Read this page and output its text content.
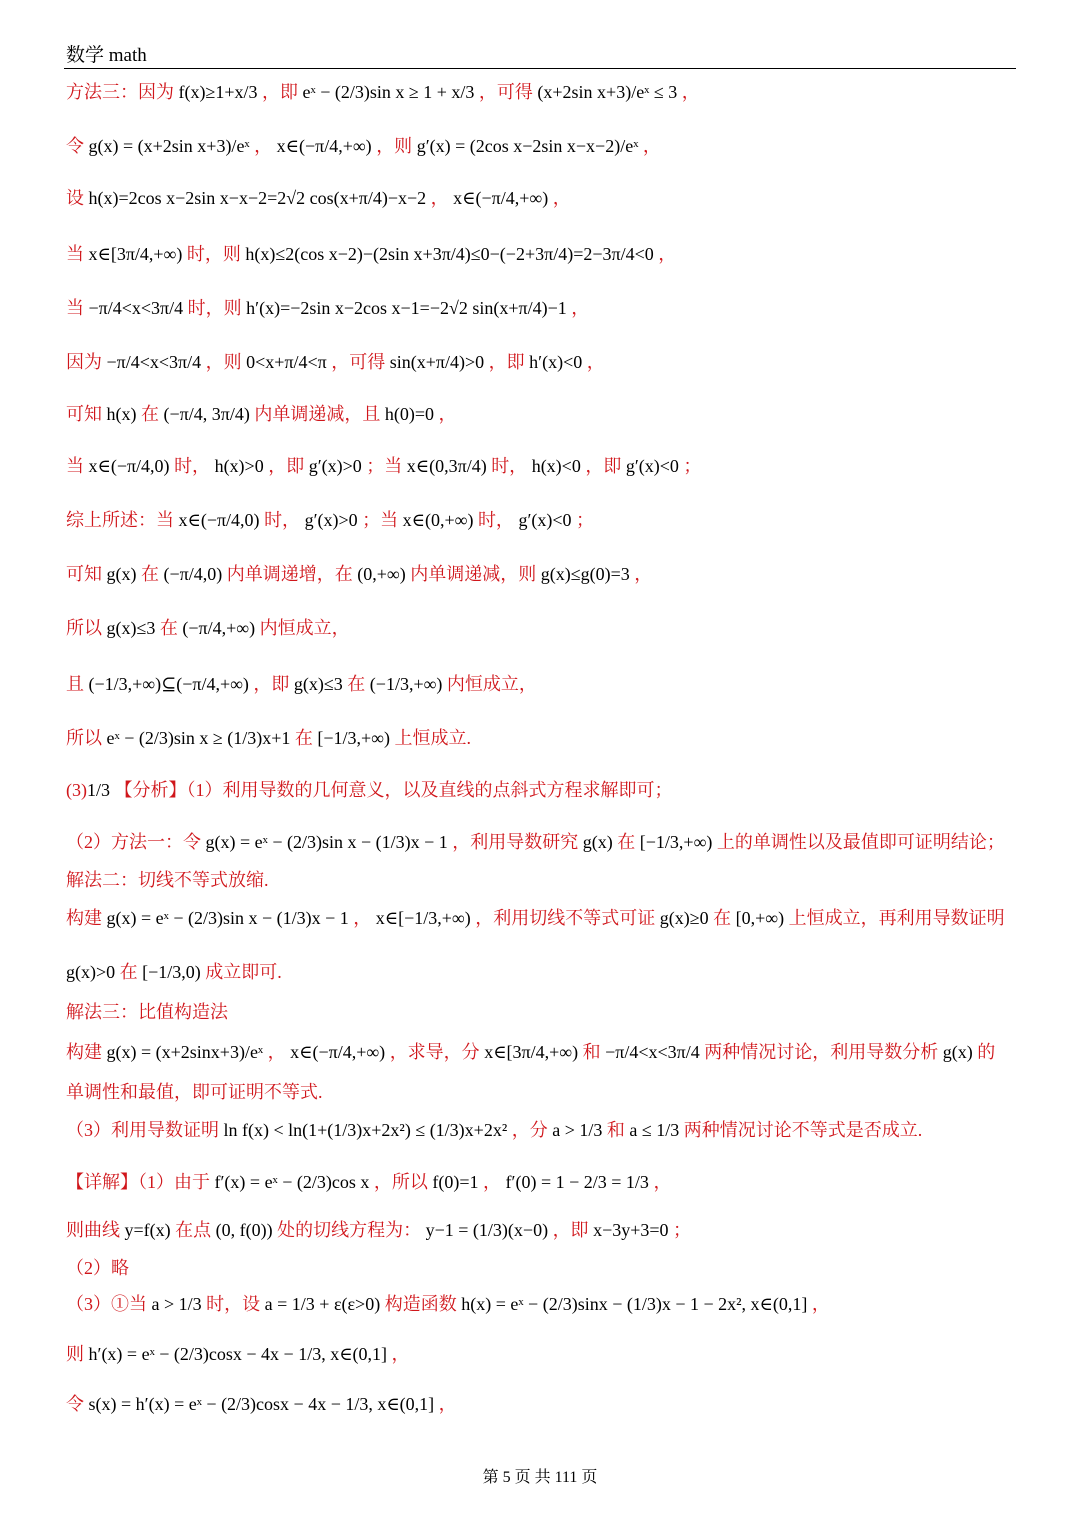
数学 math
方法三：因为 f(x)≥1+x/3 ，即 eˣ − (2/3)sin x ≥ 1 + x/3 ，可得 (x+2sin x+3)/eˣ ≤ 3 ，
令 g(x) = (x+2sin x+3)/eˣ ， x∈(−π/4,+∞) ，则 g′(x) = (2cos x−2sin x−x−2)/eˣ ，
设 h(x)=2cos x−2sin x−x−2=2√2 cos(x+π/4)−x−2 ， x∈(−π/4,+∞) ，
当 x∈[3π/4,+∞) 时，则 h(x)≤2(cos x−2)−(2sin x+3π/4)≤0−(−2+3π/4)=2−3π/4<0 ，
当 −π/4<x<3π/4 时，则 h′(x)=−2sin x−2cos x−1=−2√2 sin(x+π/4)−1 ，
因为 −π/4<x<3π/4 ，则 0<x+π/4<π ，可得 sin(x+π/4)>0 ，即 h′(x)<0 ，
可知 h(x) 在 (−π/4, 3π/4) 内单调递减，且 h(0)=0 ，
当 x∈(−π/4,0) 时， h(x)>0 ，即 g′(x)>0 ；当 x∈(0,3π/4) 时， h(x)<0 ，即 g′(x)<0 ；
综上所述：当 x∈(−π/4,0) 时， g′(x)>0 ；当 x∈(0,+∞) 时， g′(x)<0 ；
可知 g(x) 在 (−π/4,0) 内单调递增，在 (0,+∞) 内单调递减，则 g(x)≤g(0)=3 ，
所以 g(x)≤3 在 (−π/4,+∞) 内恒成立，
且 (−1/3,+∞)⊆(−π/4,+∞) ，即 g(x)≤3 在 (−1/3,+∞) 内恒成立，
所以 eˣ − (2/3)sin x ≥ (1/3)x+1 在 [−1/3,+∞) 上恒成立.
(3)1/3 【分析】（1）利用导数的几何意义，以及直线的点斜式方程求解即可；
（2）方法一：令 g(x) = eˣ − (2/3)sin x − (1/3)x − 1 ，利用导数研究 g(x) 在 [−1/3,+∞) 上的单调性以及最值即可证明结论；
解法二：切线不等式放缩.
构建 g(x) = eˣ − (2/3)sin x − (1/3)x − 1 ， x∈[−1/3,+∞) ，利用切线不等式可证 g(x)≥0 在 [0,+∞) 上恒成立，再利用导数证明
g(x)>0 在 [−1/3,0) 成立即可.
解法三：比值构造法
构建 g(x) = (x+2sinx+3)/eˣ ， x∈(−π/4,+∞) ，求导，分 x∈[3π/4,+∞) 和 −π/4<x<3π/4 两种情况讨论，利用导数分析 g(x) 的
单调性和最值，即可证明不等式.
（3）利用导数证明 ln f(x) < ln(1+(1/3)x+2x²) ≤ (1/3)x+2x² ，分 a > 1/3 和 a ≤ 1/3 两种情况讨论不等式是否成立.
【详解】（1）由于 f′(x) = eˣ − (2/3)cos x ，所以 f(0)=1 ， f′(0) = 1 − 2/3 = 1/3 ，
则曲线 y=f(x) 在点 (0, f(0)) 处的切线方程为： y−1 = (1/3)(x−0) ，即 x−3y+3=0 ；
（2）略
（3）①当 a > 1/3 时，设 a = 1/3 + ε(ε>0) 构造函数 h(x) = eˣ − (2/3)sinx − (1/3)x − 1 − 2x², x∈(0,1] ，
则 h′(x) = eˣ − (2/3)cosx − 4x − 1/3, x∈(0,1] ，
令 s(x) = h′(x) = eˣ − (2/3)cosx − 4x − 1/3, x∈(0,1] ，
第 5 页 共 111 页
